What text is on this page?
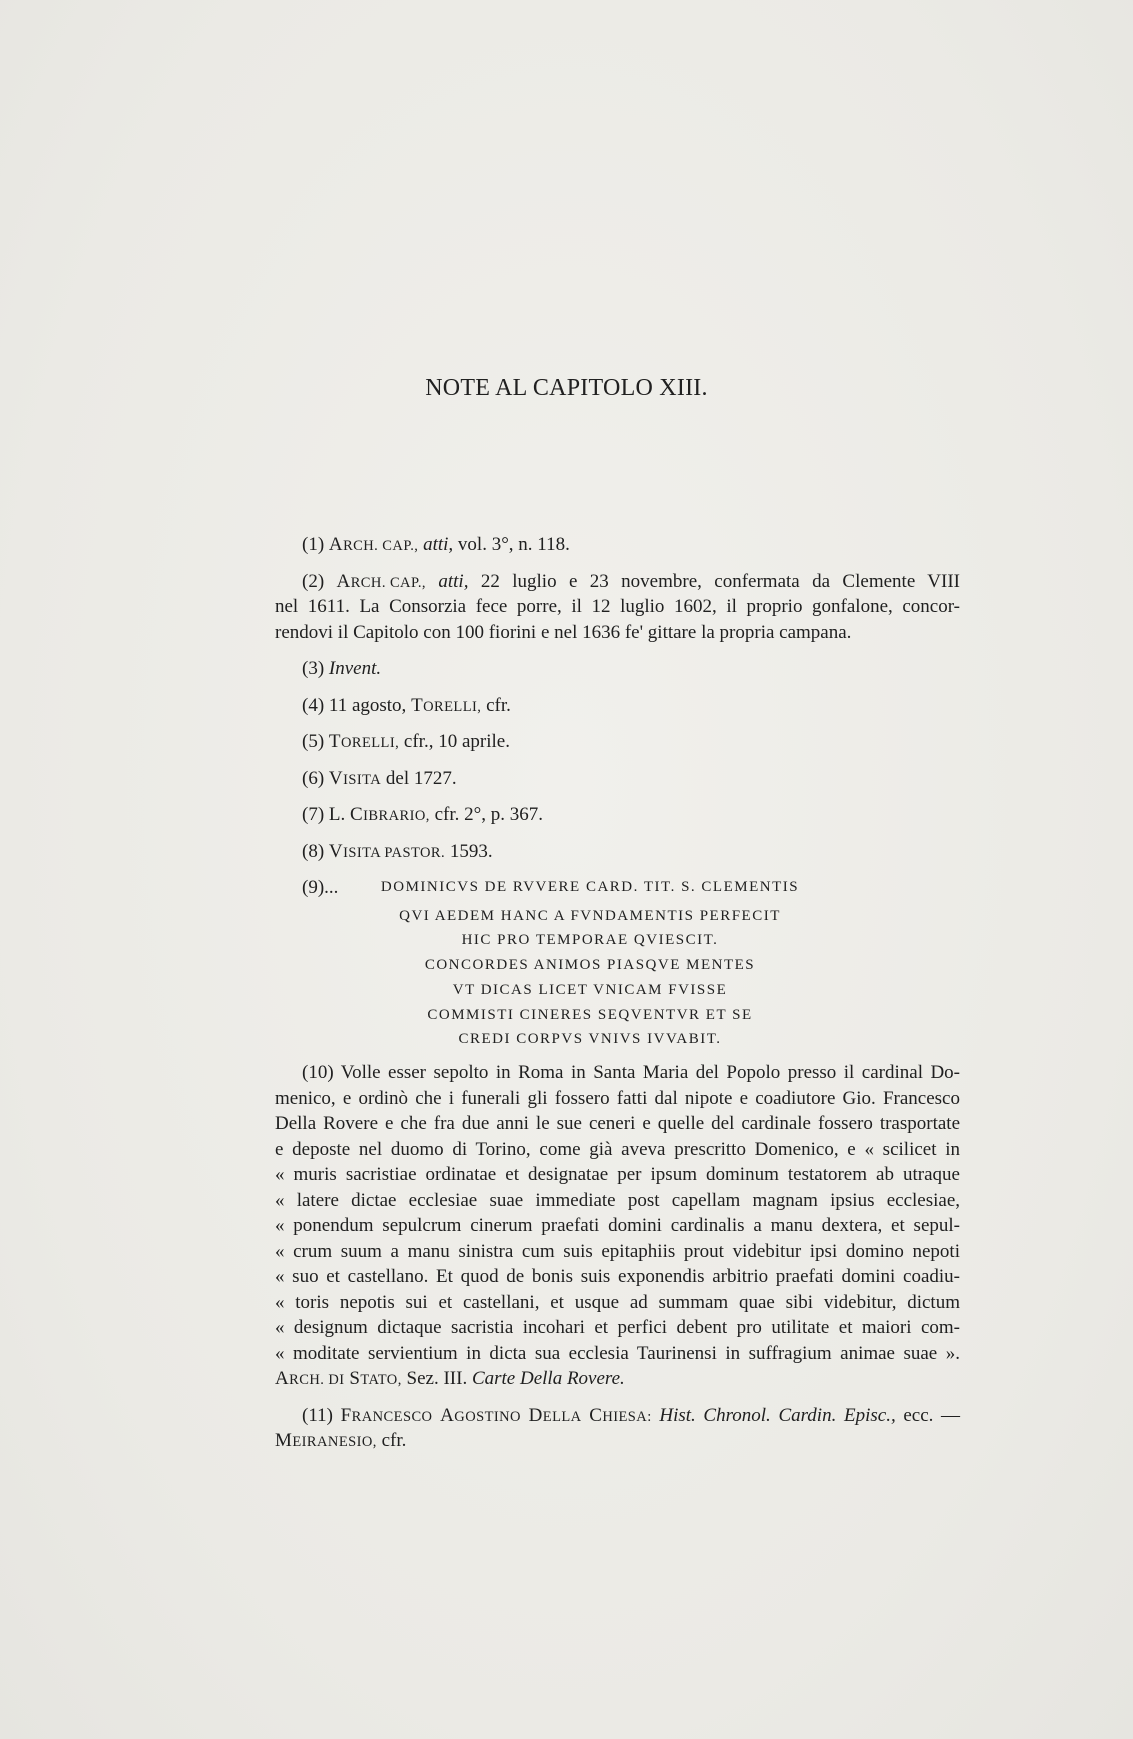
NOTE AL CAPITOLO XIII.
(1) ARCH. CAP., atti, vol. 3°, n. 118.
(2) ARCH. CAP., atti, 22 luglio e 23 novembre, confermata da Clemente VIII
nel 1611. La Consorzia fece porre, il 12 luglio 1602, il proprio gonfalone, concor-
rendovi il Capitolo con 100 fiorini e nel 1636 fe' gittare la propria campana.
(3) Invent.
(4) 11 agosto, TORELLI, cfr.
(5) TORELLI, cfr., 10 aprile.
(6) VISITA del 1727.
(7) L. CIBRARIO, cfr. 2°, p. 367.
(8) VISITA PASTOR. 1593.
(9)...	DOMINICVS DE RVVERE CARD. TIT. S. CLEMENTIS
QVI AEDEM HANC A FVNDAMENTIS PERFECIT
HIC PRO TEMPORAE QVIESCIT.
CONCORDES ANIMOS PIASQVE MENTES
VT DICAS LICET VNICAM FVISSE
COMMISTI CINERES SEQVENTVR ET SE
CREDI CORPVS VNIVS IVVABIT.
(10) Volle esser sepolto in Roma in Santa Maria del Popolo presso il cardinal Do-
menico, e ordinò che i funerali gli fossero fatti dal nipote e coadiutore Gio. Francesco
Della Rovere e che fra due anni le sue ceneri e quelle del cardinale fossero trasportate
e deposte nel duomo di Torino, come già aveva prescritto Domenico, e « scilicet in
« muris sacristiae ordinatae et designatae per ipsum dominum testatorem ab utraque
« latere dictae ecclesiae suae immediate post capellam magnam ipsius ecclesiae,
« ponendum sepulcrum cinerum praefati domini cardinalis a manu dextera, et sepul-
« crum suum a manu sinistra cum suis epitaphiis prout videbitur ipsi domino nepoti
« suo et castellano. Et quod de bonis suis exponendis arbitrio praefati domini coadiu-
« toris nepotis sui et castellani, et usque ad summam quae sibi videbitur, dictum
« designum dictaque sacristia incohari et perfici debent pro utilitate et maiori com-
« moditate servientium in dicta sua ecclesia Taurinensi in suffragium animae suae ».
ARCH. DI STATO, Sez. III. Carte Della Rovere.
(11) FRANCESCO AGOSTINO DELLA CHIESA: Hist. Chronol. Cardin. Episc., ecc. —
MEIRANESIO, cfr.
